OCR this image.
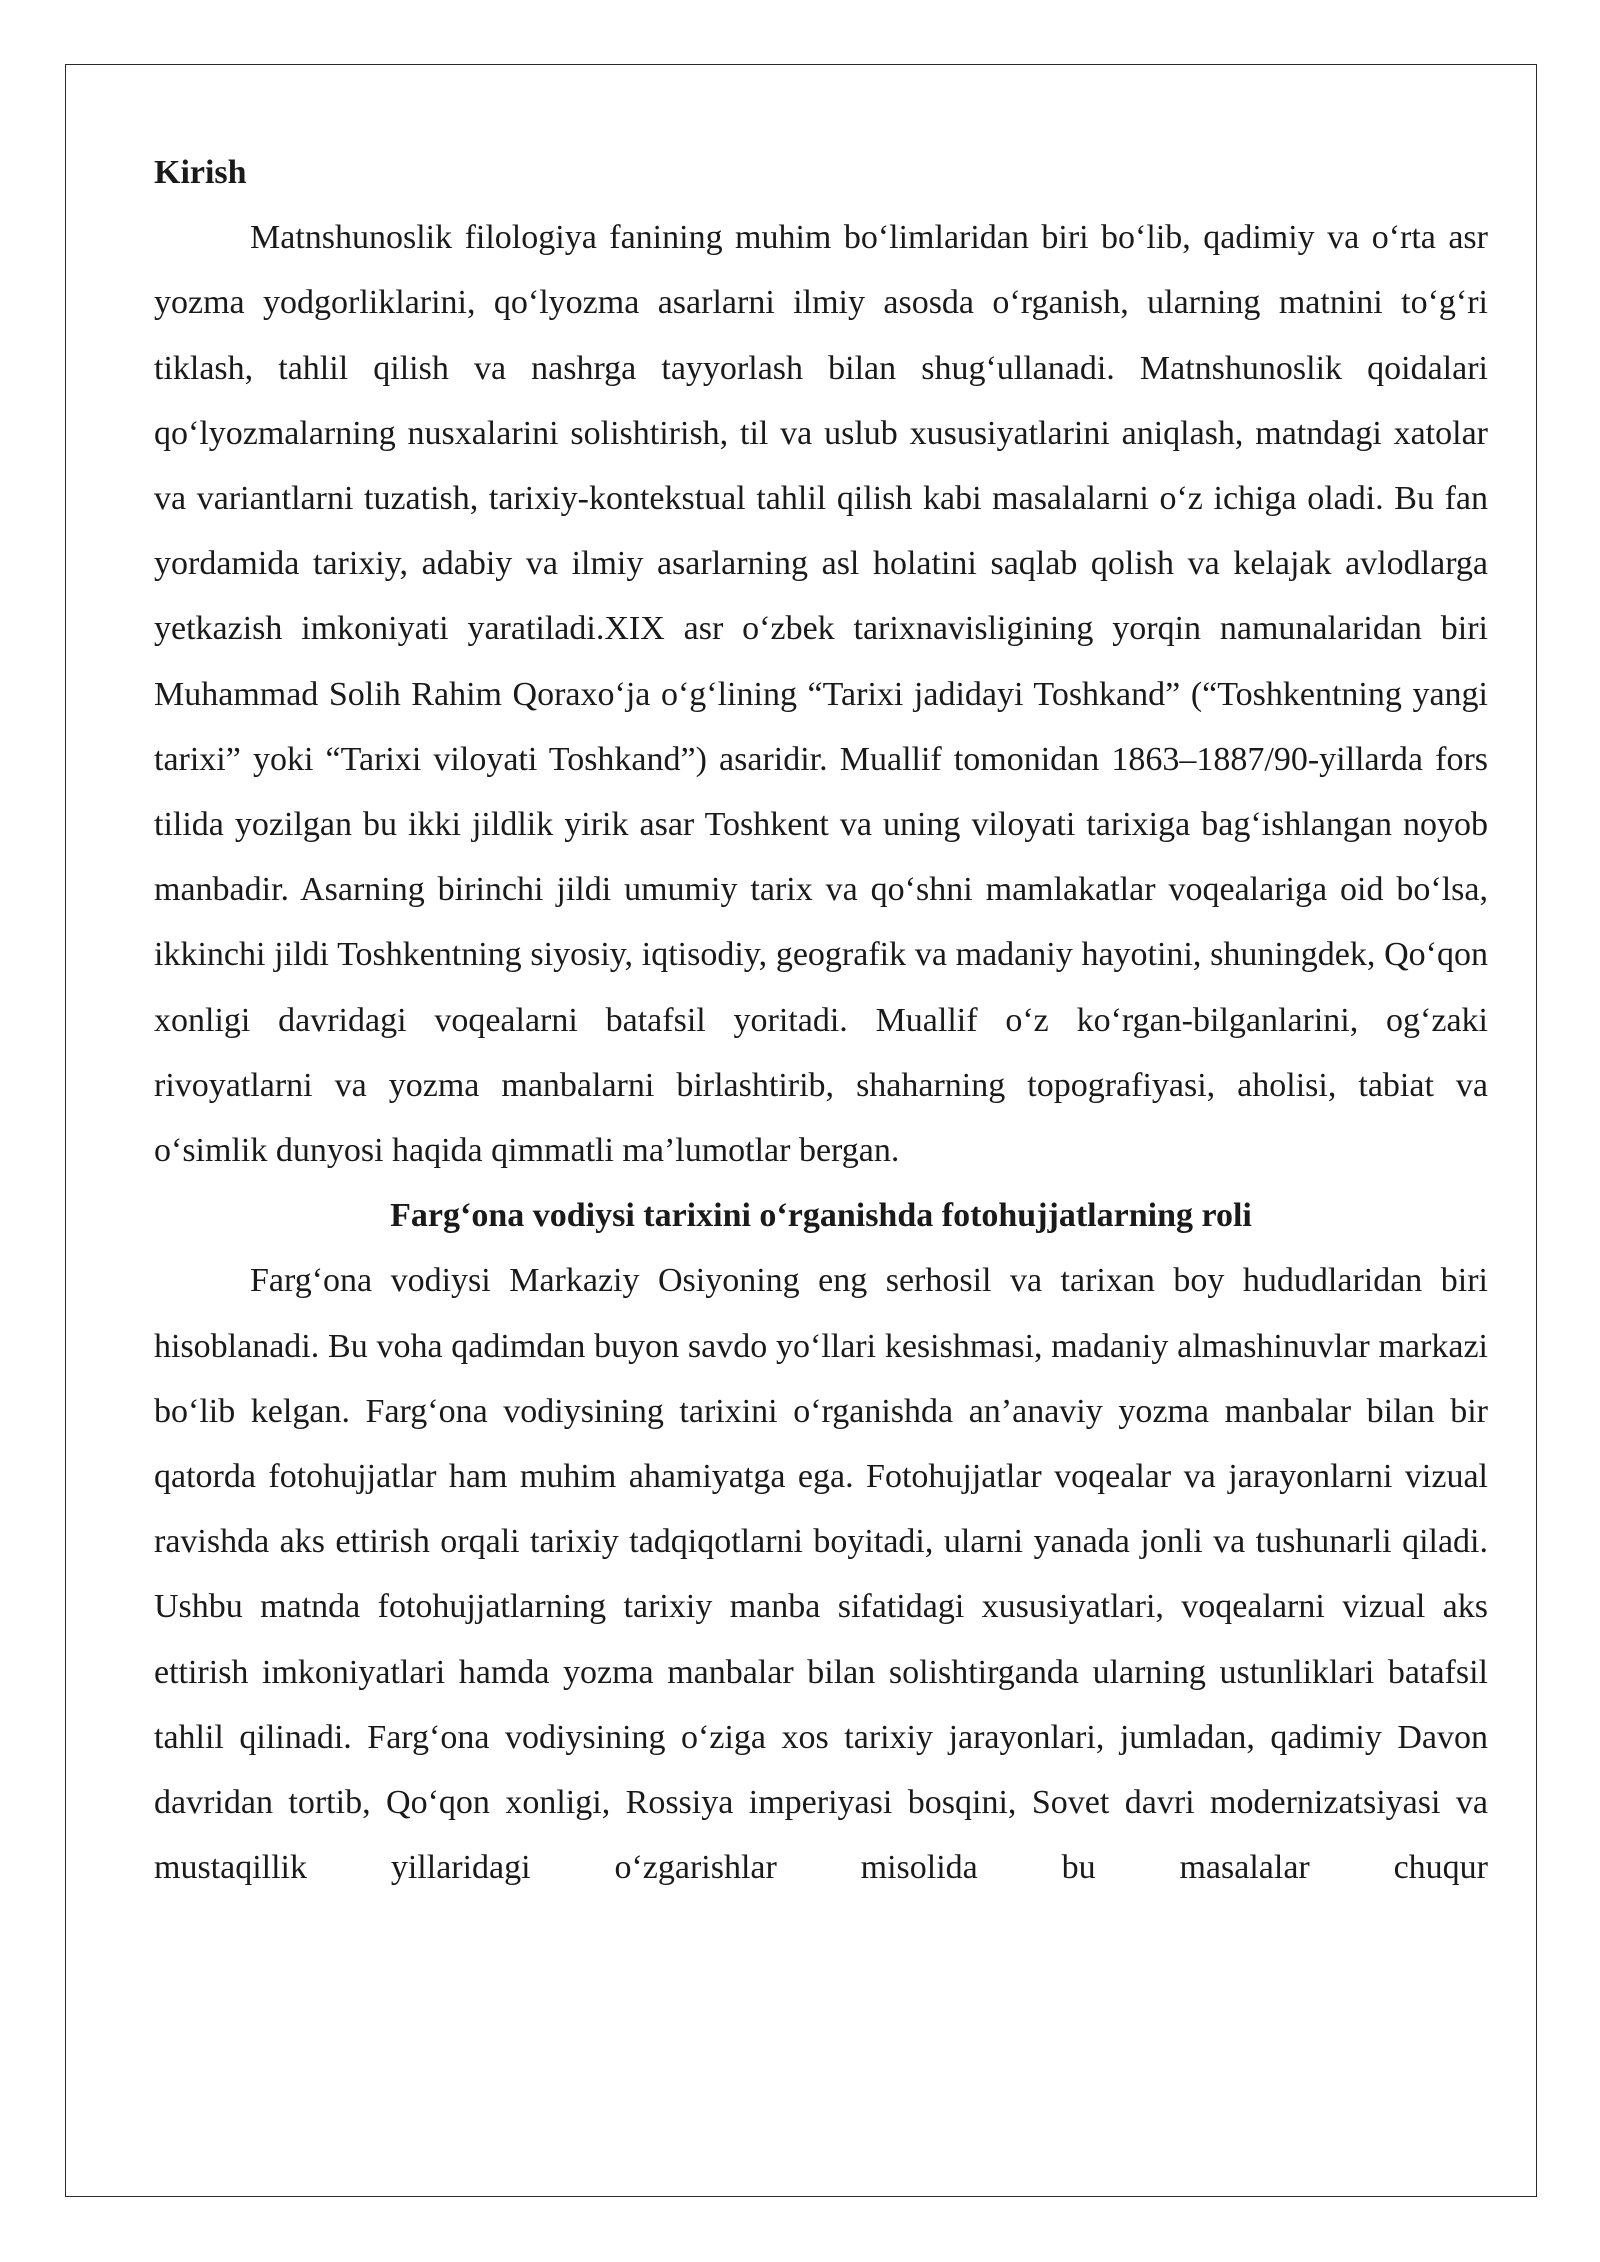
Kirish

Matnshunoslik filologiya fanining muhim bo‘limlaridan biri bo‘lib, qadimiy va o‘rta asr yozma yodgorliklarini, qo‘lyozma asarlarni ilmiy asosda o‘rganish, ularning matnini to‘g‘ri tiklash, tahlil qilish va nashrga tayyorlash bilan shug‘ullanadi. Matnshunoslik qoidalari qo‘lyozmalarning nusxalarini solishtirish, til va uslub xususiyatlarini aniqlash, matndagi xatolar va variantlarni tuzatish, tarixiy-kontekstual tahlil qilish kabi masalalarni o‘z ichiga oladi. Bu fan yordamida tarixiy, adabiy va ilmiy asarlarning asl holatini saqlab qolish va kelajak avlodlarga yetkazish imkoniyati yaratiladi.XIX asr o‘zbek tarixnavisligining yorqin namunalaridan biri Muhammad Solih Rahim Qoraxo‘ja o‘g‘lining “Tarixi jadidayi Toshkand” (“Toshkentning yangi tarixi” yoki “Tarixi viloyati Toshkand”) asaridir. Muallif tomonidan 1863–1887/90-yillarda fors tilida yozilgan bu ikki jildlik yirik asar Toshkent va uning viloyati tarixiga bag‘ishlangan noyob manbadir. Asarning birinchi jildi umumiy tarix va qo‘shni mamlakatlar voqealariga oid bo‘lsa, ikkinchi jildi Toshkentning siyosiy, iqtisodiy, geografik va madaniy hayotini, shuningdek, Qo‘qon xonligi davridagi voqealarni batafsil yoritadi. Muallif o‘z ko‘rgan-bilganlarini, og‘zaki rivoyatlarni va yozma manbalarni birlashtirib, shaharning topografiyasi, aholisi, tabiat va o‘simlik dunyosi haqida qimmatli ma’lumotlar bergan.

Farg‘ona vodiysi tarixini o‘rganishda fotohujjatlarning roli

Farg‘ona vodiysi Markaziy Osiyoning eng serhosil va tarixan boy hududlaridan biri hisoblanadi. Bu voha qadimdan buyon savdo yo‘llari kesishmasi, madaniy almashinuvlar markazi bo‘lib kelgan. Farg‘ona vodiysining tarixini o‘rganishda an’anaviy yozma manbalar bilan bir qatorda fotohujjatlar ham muhim ahamiyatga ega. Fotohujjatlar voqealar va jarayonlarni vizual ravishda aks ettirish orqali tarixiy tadqiqotlarni boyitadi, ularni yanada jonli va tushunarli qiladi. Ushbu matnda fotohujjatlarning tarixiy manba sifatidagi xususiyatlari, voqealarni vizual aks ettirish imkoniyatlari hamda yozma manbalar bilan solishtirganda ularning ustunliklari batafsil tahlil qilinadi. Farg‘ona vodiysining o‘ziga xos tarixiy jarayonlari, jumladan, qadimiy Davon davridan tortib, Qo‘qon xonligi, Rossiya imperiyasi bosqini, Sovet davri modernizatsiyasi va mustaqillik yillaridagi o‘zgarishlar misolida bu masalalar chuqur
